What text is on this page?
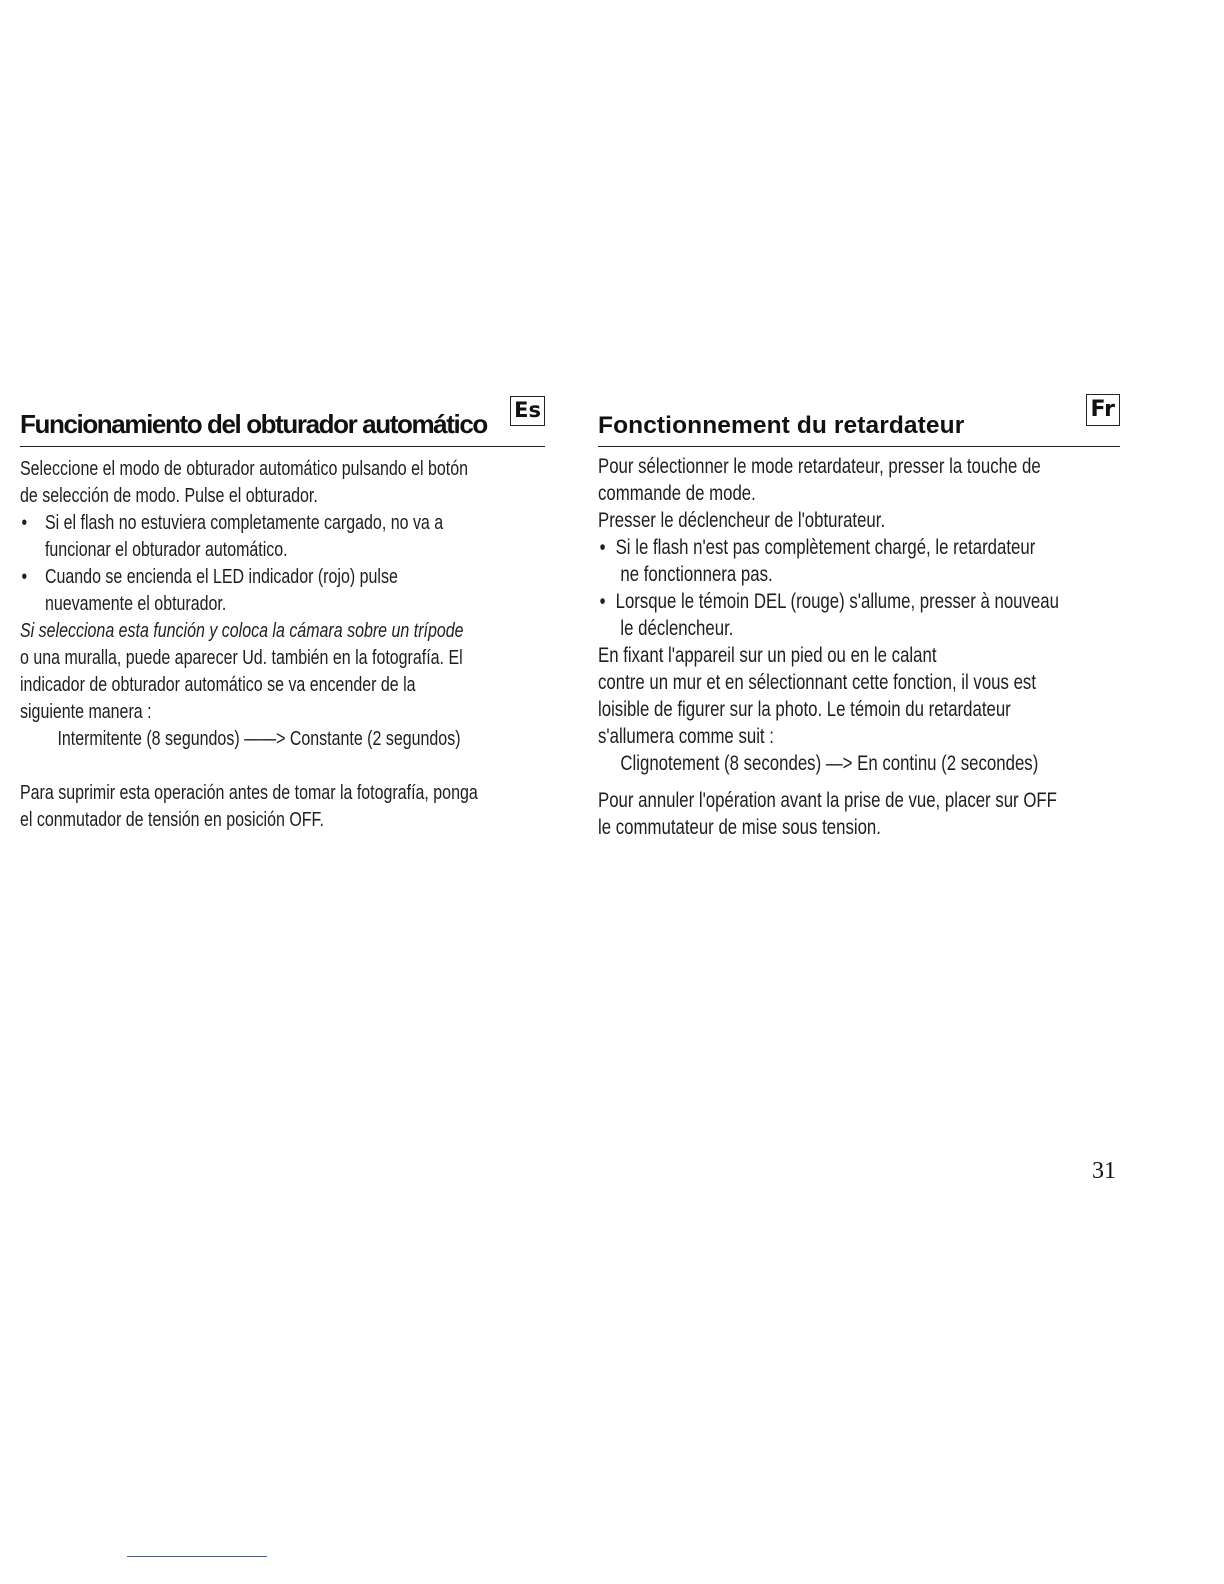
Funcionamiento del obturador automático Es
Seleccione el modo de obturador automático pulsando el botón
de selección de modo. Pulse el obturador.
• Si el flash no estuviera completamente cargado, no va a
funcionar el obturador automático.
• Cuando se encienda el LED indicador (rojo) pulse
nuevamente el obturador.
Si selecciona esta función y coloca la cámara sobre un trípode
o una muralla, puede aparecer Ud. también en la fotografía. El
indicador de obturador automático se va encender de la
siguiente manera :
Intermitente (8 segundos) ——> Constante (2 segundos)
Para suprimir esta operación antes de tomar la fotografía, ponga
el conmutador de tensión en posición OFF.
Fonctionnement du retardateur
Fr
Pour sélectionner le mode retardateur, presser la touche de
commande de mode.
Presser le déclencheur de l'obturateur.
• Si le flash n'est pas complètement chargé, le retardateur
ne fonctionnera pas.
• Lorsque le témoin DEL (rouge) s'allume, presser à nouveau
le déclencheur.
En fixant l'appareil sur un pied ou en le calant
contre un mur et en sélectionnant cette fonction, il vous est
loisible de figurer sur la photo. Le témoin du retardateur
s'allumera comme suit :
Clignotement (8 secondes) —> En continu (2 secondes)
Pour annuler l'opération avant la prise de vue, placer sur OFF
le commutateur de mise sous tension.
31
